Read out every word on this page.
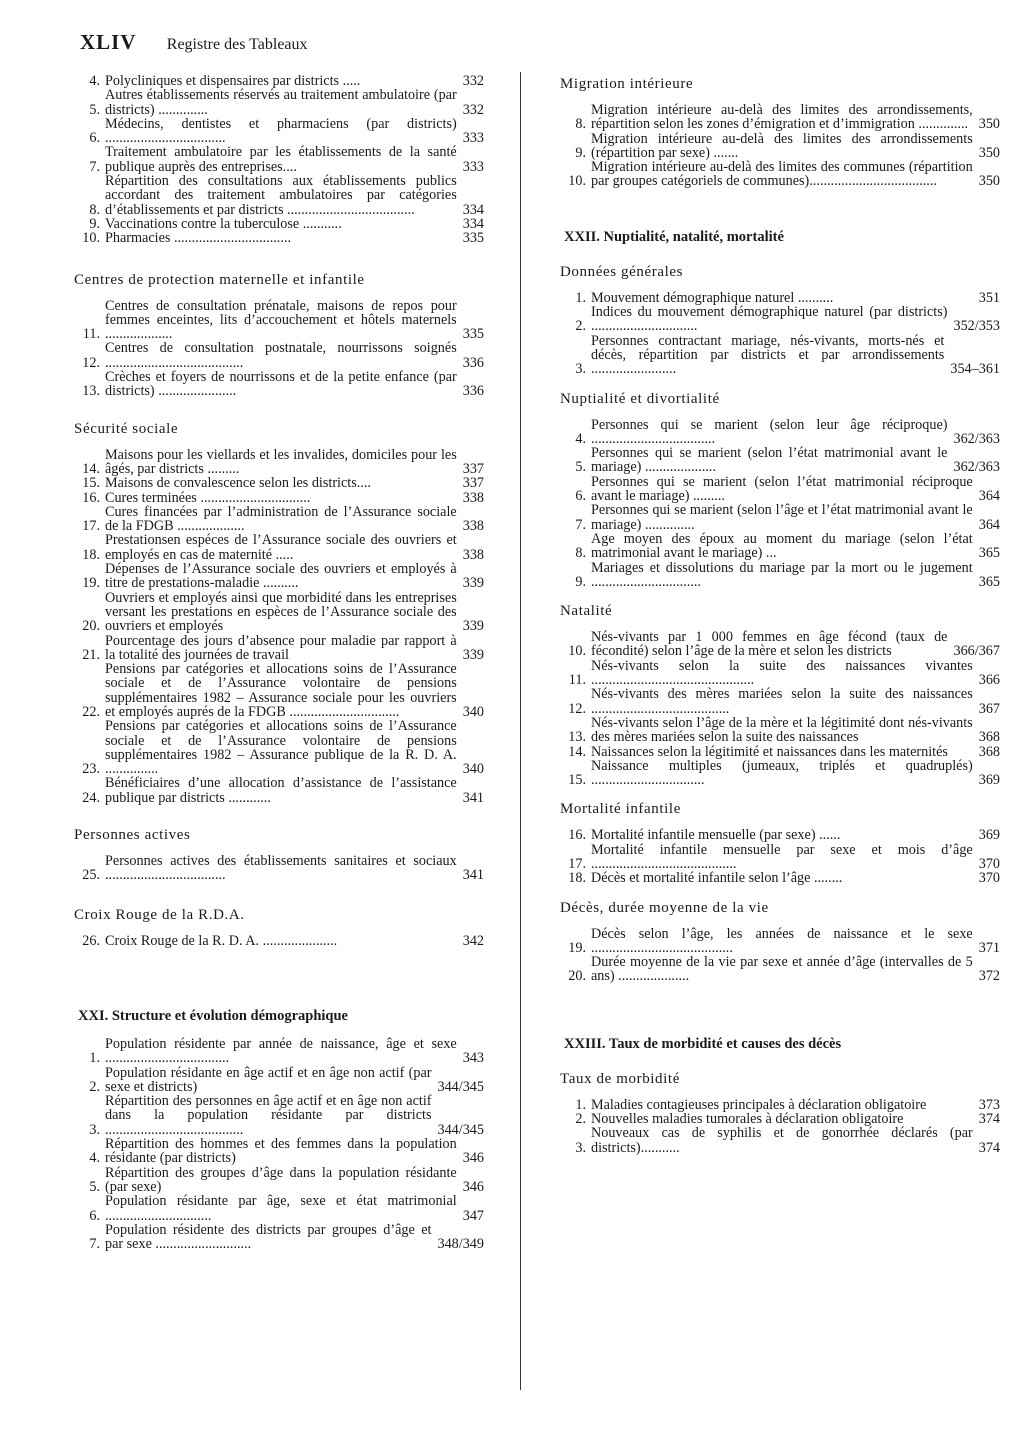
XLIV Registre des Tableaux
4. Polycliniques et dispensaires par districts .....	332
5.
Autres établissements réservés au traitement ambulatoire (par districts) ..............	332
6.
Médecins, dentistes et pharmaciens (par districts) ..................................	333
7.
Traitement ambulatoire par les établissements de la santé publique auprès des entreprises....	333
8.
Répartition des consultations aux établissements publics accordant des traitement ambulatoires par catégories d’établissements et par districts ....................................	334
9. Vaccinations contre la tuberculose ...........	334
10. Pharmacies .................................	335
Centres de protection maternelle et infantile
11.
Centres de consultation prénatale, maisons de repos pour femmes enceintes, lits d’accouchement et hôtels maternels ...................	335
12.
Centres de consultation postnatale, nourrissons soignés .......................................	336
13.
Crèches et foyers de nourrissons et de la petite enfance (par districts) ......................	336
Sécurité sociale
14.
Maisons pour les viellards et les invalides, domiciles pour les âgés, par districts .........	337
15. Maisons de convalescence selon les districts....	337
16. Cures terminées ...............................	338
17.
Cures financées par l’administration de l’Assurance sociale de la FDGB ...................	338
18.
Prestationsen espéces de l’Assurance sociale des ouvriers et employés en cas de maternité .....	338
19.
Dépenses de l’Assurance sociale des ouvriers et employés à titre de prestations-maladie ..........	339
20.
Ouvriers et employés ainsi que morbidité dans les entreprises versant les prestations en espèces de l’Assurance sociale des ouvriers et employés	339
21.
Pourcentage des jours d’absence pour maladie par rapport à la totalité des journées de travail	339
22.
Pensions par catégories et allocations soins de l’Assurance sociale et de l’Assurance volontaire de pensions supplémentaires 1982 – Assurance sociale pour les ouvriers et employés auprés de la FDGB ...............................	340
23.
Pensions par catégories et allocations soins de l’Assurance sociale et de l’Assurance volontaire de pensions supplémentaires 1982 – Assurance publique de la R. D. A. ...............	340
24.
Bénéficiaires d’une allocation d’assistance de l’assistance publique par districts ............	341
Personnes actives
25.
Personnes actives des établissements sanitaires et sociaux ..................................	341
Croix Rouge de la R.D.A.
26. Croix Rouge de la R. D. A. .....................	342
XXI. Structure et évolution démographique
1.
Population résidente par année de naissance, âge et sexe ...................................	343
2.
Population résidante en âge actif et en âge non actif (par sexe et districts)	344/345
3.
Répartition des personnes en âge actif et en âge non actif dans la population résidante par districts .......................................	344/345
4.
Répartition des hommes et des femmes dans la population résidante (par districts)	346
5.
Répartition des groupes d’âge dans la population résidante (par sexe)	346
6.
Population résidante par âge, sexe et état matrimonial ..............................	347
7.
Population résidente des districts par groupes d’âge et par sexe ...........................	348/349
Migration intérieure
8.
Migration intérieure au-delà des limites des arrondissements, répartition selon les zones d’émigration et d’immigration .............. 350
9.
Migration intérieure au-delà des limites des arrondissements (répartition par sexe) .......	350
10.
Migration intérieure au-delà des limites des communes (répartition par groupes catégoriels de communes)....................................	350
XXII. Nuptialité, natalité, mortalité
Données générales
1. Mouvement démographique naturel ..........	351
2.
Indices du mouvement démographique naturel (par districts) ..............................	352/353
3.
Personnes contractant mariage, nés-vivants, morts-nés et décès, répartition par districts et par arrondissements ........................	354–361
Nuptialité et divortialité
4.
Personnes qui se marient (selon leur âge réciproque) ...................................	362/363
5.
Personnes qui se marient (selon l’état matrimonial avant le mariage) ....................	362/363
6.
Personnes qui se marient (selon l’état matrimonial réciproque avant le mariage) .........	364
7.
Personnes qui se marient (selon l’âge et l’état matrimonial avant le mariage) ..............	364
8.
Age moyen des époux au moment du mariage (selon l’état matrimonial avant le mariage) ...	365
9.
Mariages et dissolutions du mariage par la mort ou le jugement ...............................	365
Natalité
10.
Nés-vivants par 1 000 femmes en âge fécond (taux de fécondité) selon l’âge de la mère et selon les districts	366/367
11.
Nés-vivants selon la suite des naissances vivantes ..............................................	366
12.
Nés-vivants des mères mariées selon la suite des naissances .......................................	367
13.
Nés-vivants selon l’âge de la mère et la légitimité dont nés-vivants des mères mariées selon la suite des naissances	368
14. Naissances selon la légitimité et naissances dans les maternités	368
15.
Naissance multiples (jumeaux, triplés et quadruplés) ................................	369
Mortalité infantile
16. Mortalité infantile mensuelle (par sexe) ......	369
17.
Mortalité infantile mensuelle par sexe et mois d’âge .........................................	370
18. Décès et mortalité infantile selon l’âge ........	370
Décès, durée moyenne de la vie
19.
Décès selon l’âge, les années de naissance et le sexe ........................................	371
20.
Durée moyenne de la vie par sexe et année d’âge (intervalles de 5 ans) ....................	372
XXIII. Taux de morbidité et causes des décès
Taux de morbidité
1. Maladies contagieuses principales à déclaration obligatoire	373
2. Nouvelles maladies tumorales à déclaration obligatoire	374
3.
Nouveaux cas de syphilis et de gonorrhée déclarés (par districts)...........	374
